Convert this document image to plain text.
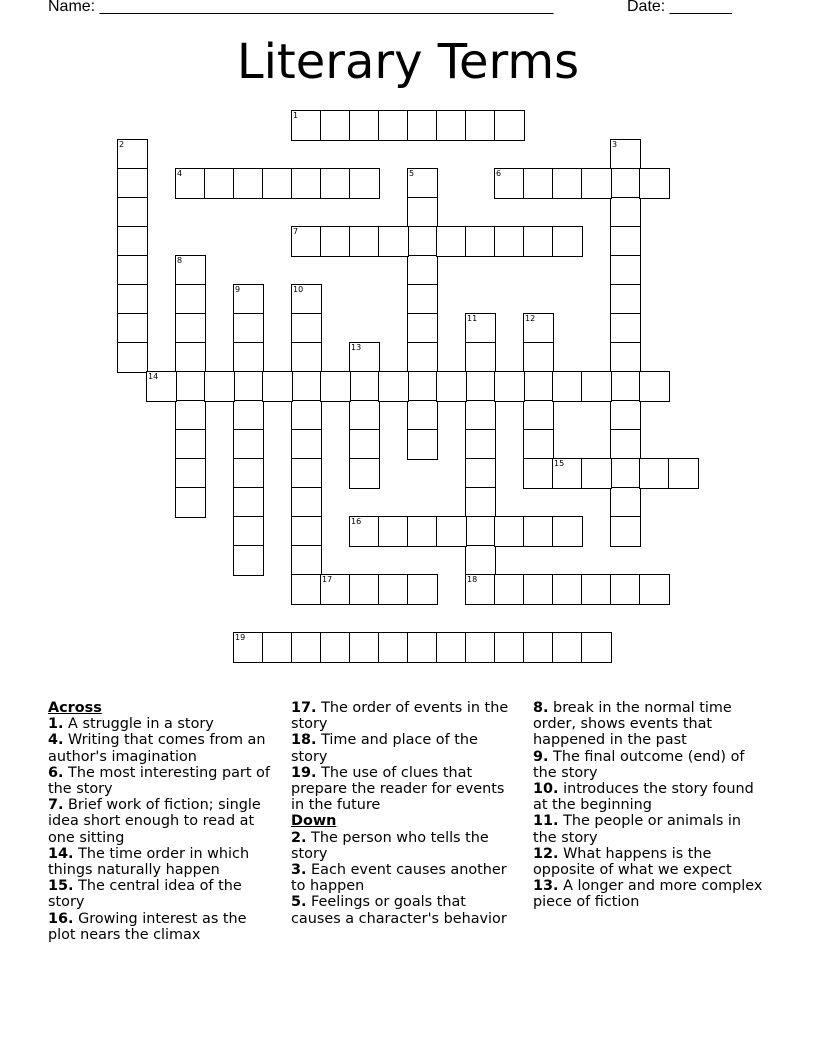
Name: ___________________________________________________	Date: _______
Literary Terms
1
2	3
4	5	6
7
8
9	10
11
18
12
13
14
15
16
17
19

Across

1. A struggle in a story

4. Writing that comes from an author's imagination

6. The most interesting part of the story

7. Brief work of fiction; single idea short enough to read at one sitting

14. The time order in which things naturally happen

15. The central idea of the story

16. Growing interest as the plot nears the climax

17. The order of events in the story

18. Time and place of the story

19. The use of clues that prepare the reader for events in the future

Down

2. The person who tells the story

3. Each event causes another to happen

5. Feelings or goals that causes a character's behavior

8. break in the normal time order, shows events that happened in the past

9. The final outcome (end) of the story

10. introduces the story found at the beginning

11. The people or animals in the story

12. What happens is the opposite of what we expect

13. A longer and more complex piece of fiction
